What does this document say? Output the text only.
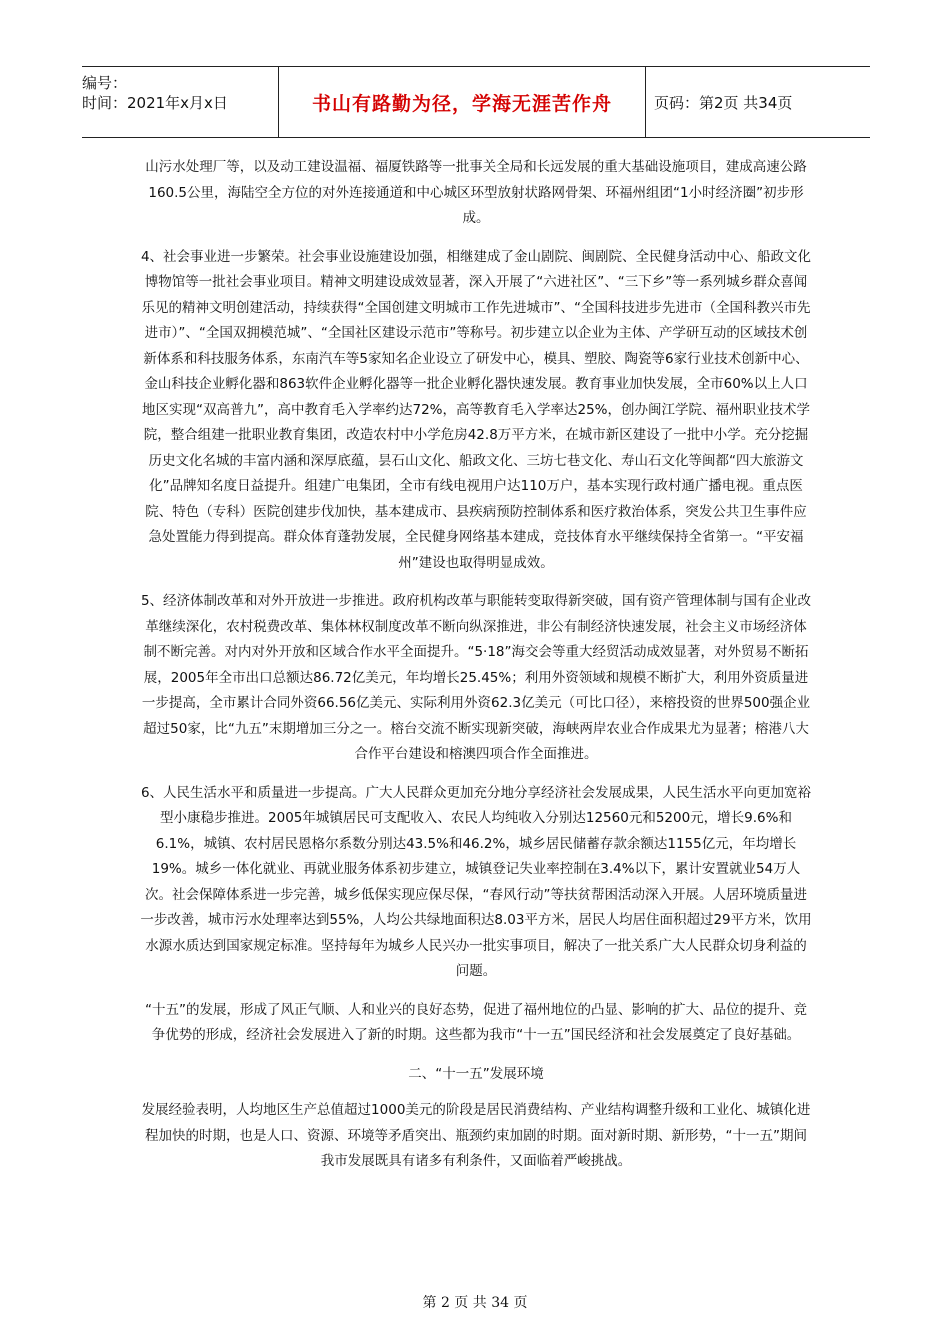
编号：
时间：2021年x月x日	书山有路勤为径，学海无涯苦作舟	页码：第2页 共34页

山污水处理厂等，以及动工建设温福、福厦铁路等一批事关全局和长远发展的重大基础设施项目，建成高速公路160.5公里，海陆空全方位的对外连接通道和中心城区环型放射状路网骨架、环福州组团“1小时经济圈”初步形成。

4、社会事业进一步繁荣。社会事业设施建设加强，相继建成了金山剧院、闽剧院、全民健身活动中心、船政文化博物馆等一批社会事业项目。精神文明建设成效显著，深入开展了“六进社区”、“三下乡”等一系列城乡群众喜闻乐见的精神文明创建活动，持续获得“全国创建文明城市工作先进城市”、“全国科技进步先进市（全国科教兴市先进市）”、“全国双拥模范城”、“全国社区建设示范市”等称号。初步建立以企业为主体、产学研互动的区域技术创新体系和科技服务体系，东南汽车等5家知名企业设立了研发中心，模具、塑胶、陶瓷等6家行业技术创新中心、金山科技企业孵化器和863软件企业孵化器等一批企业孵化器快速发展。教育事业加快发展，全市60%以上人口地区实现“双高普九”，高中教育毛入学率约达72%，高等教育毛入学率达25%，创办闽江学院、福州职业技术学院，整合组建一批职业教育集团，改造农村中小学危房42.8万平方米，在城市新区建设了一批中小学。充分挖掘历史文化名城的丰富内涵和深厚底蕴，昙石山文化、船政文化、三坊七巷文化、寿山石文化等闽都“四大旅游文化”品牌知名度日益提升。组建广电集团，全市有线电视用户达110万户，基本实现行政村通广播电视。重点医院、特色（专科）医院创建步伐加快，基本建成市、县疾病预防控制体系和医疗救治体系，突发公共卫生事件应急处置能力得到提高。群众体育蓬勃发展，全民健身网络基本建成，竞技体育水平继续保持全省第一。“平安福州”建设也取得明显成效。

5、经济体制改革和对外开放进一步推进。政府机构改革与职能转变取得新突破，国有资产管理体制与国有企业改革继续深化，农村税费改革、集体林权制度改革不断向纵深推进，非公有制经济快速发展，社会主义市场经济体制不断完善。对内对外开放和区域合作水平全面提升。“5·18”海交会等重大经贸活动成效显著，对外贸易不断拓展，2005年全市出口总额达86.72亿美元，年均增长25.45%；利用外资领域和规模不断扩大，利用外资质量进一步提高，全市累计合同外资66.56亿美元、实际利用外资62.3亿美元（可比口径），来榕投资的世界500强企业超过50家，比“九五”末期增加三分之一。榕台交流不断实现新突破，海峡两岸农业合作成果尤为显著；榕港八大合作平台建设和榕澳四项合作全面推进。

6、人民生活水平和质量进一步提高。广大人民群众更加充分地分享经济社会发展成果，人民生活水平向更加宽裕型小康稳步推进。2005年城镇居民可支配收入、农民人均纯收入分别达12560元和5200元，增长9.6%和6.1%，城镇、农村居民恩格尔系数分别达43.5%和46.2%，城乡居民储蓄存款余额达1155亿元，年均增长19%。城乡一体化就业、再就业服务体系初步建立，城镇登记失业率控制在3.4%以下，累计安置就业54万人次。社会保障体系进一步完善，城乡低保实现应保尽保，“春风行动”等扶贫帮困活动深入开展。人居环境质量进一步改善，城市污水处理率达到55%，人均公共绿地面积达8.03平方米，居民人均居住面积超过29平方米，饮用水源水质达到国家规定标准。坚持每年为城乡人民兴办一批实事项目，解决了一批关系广大人民群众切身利益的问题。

“十五”的发展，形成了风正气顺、人和业兴的良好态势，促进了福州地位的凸显、影响的扩大、品位的提升、竞争优势的形成，经济社会发展进入了新的时期。这些都为我市“十一五”国民经济和社会发展奠定了良好基础。

二、“十一五”发展环境

发展经验表明，人均地区生产总值超过1000美元的阶段是居民消费结构、产业结构调整升级和工业化、城镇化进程加快的时期，也是人口、资源、环境等矛盾突出、瓶颈约束加剧的时期。面对新时期、新形势，“十一五”期间我市发展既具有诸多有利条件，又面临着严峻挑战。

第 2 页 共 34 页
